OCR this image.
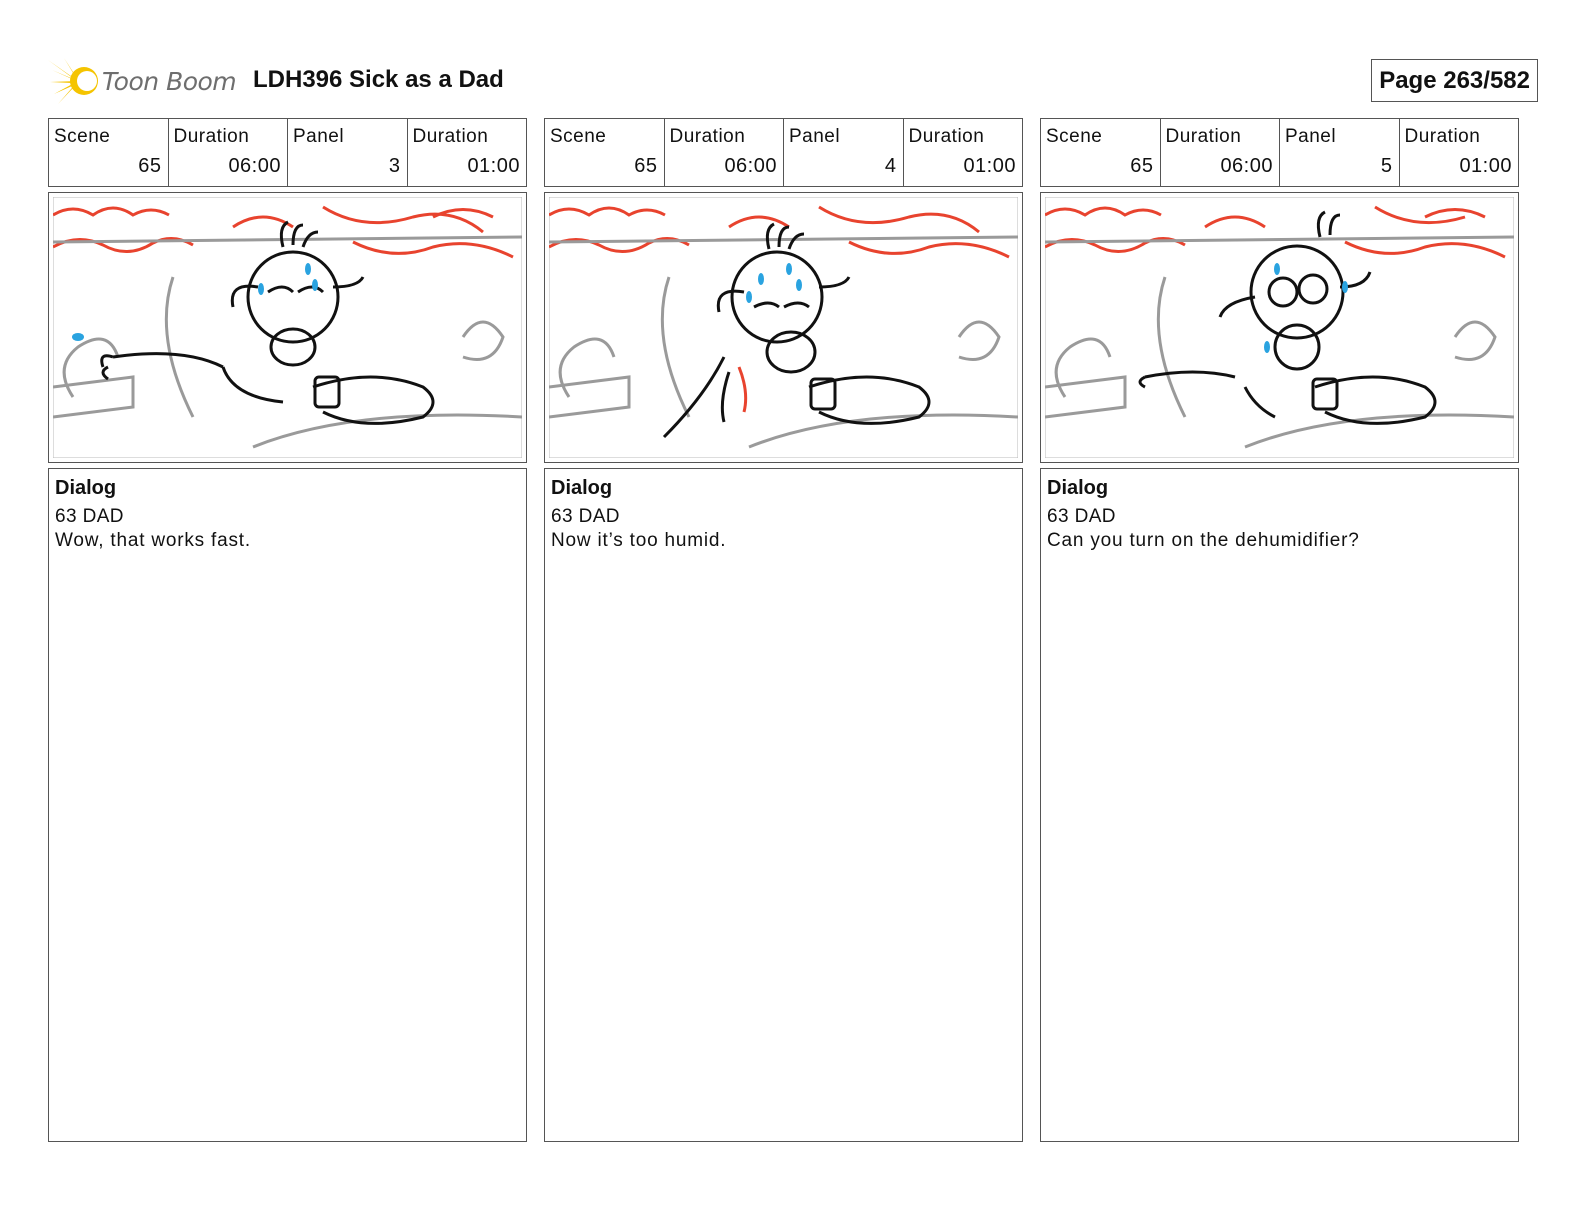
Toon Boom LDH396 Sick as a Dad	Page 263/582
Scene
65
Duration
06:00
Panel
3
Duration
01:00
Dialog
63 DAD
Wow, that works fast.
Scene
65
Duration
06:00
Panel
4
Duration
01:00
Dialog
63 DAD
Now it’s too humid.
Scene
65
Duration
06:00
Panel
5
Duration
01:00
Dialog
63 DAD
Can you turn on the dehumidifier?
